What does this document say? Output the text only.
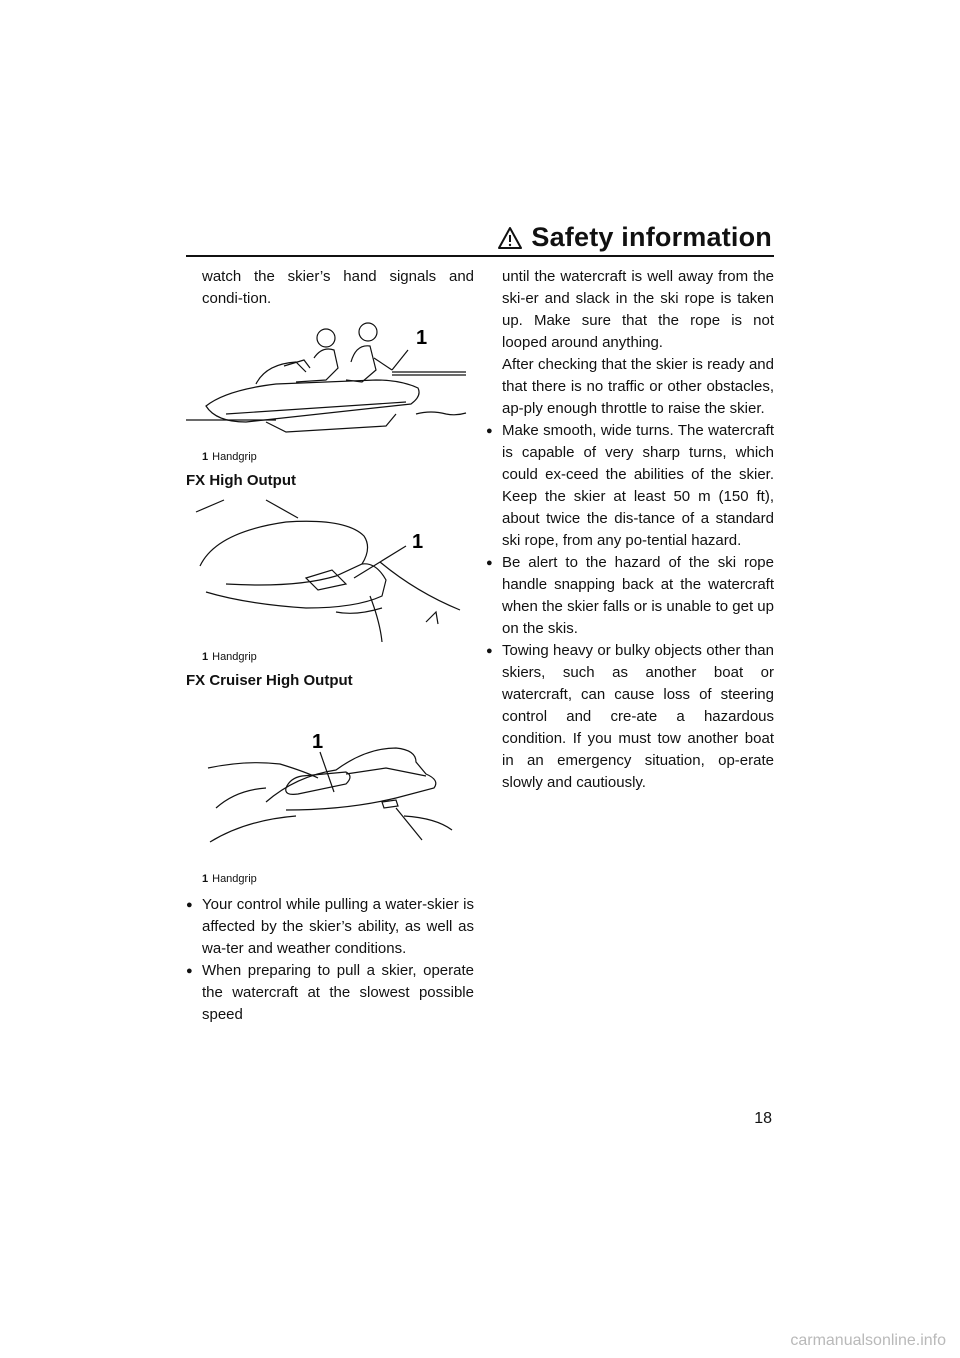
Safety information

watch the skier’s hand signals and condi-tion.

1
1 Handgrip

FX High Output

1
1 Handgrip

FX Cruiser High Output

1
1 Handgrip
● Your control while pulling a water-skier is affected by the skier’s ability, as well as wa-ter and weather conditions.
● When preparing to pull a skier, operate the watercraft at the slowest possible speed

until the watercraft is well away from the ski-er and slack in the ski rope is taken up. Make sure that the rope is not looped around anything.

After checking that the skier is ready and that there is no traffic or other obstacles, ap-ply enough throttle to raise the skier.

● Make smooth, wide turns. The watercraft is capable of very sharp turns, which could ex-ceed the abilities of the skier. Keep the skier at least 50 m (150 ft), about twice the dis-tance of a standard ski rope, from any po-tential hazard.
● Be alert to the hazard of the ski rope handle snapping back at the watercraft when the skier falls or is unable to get up on the skis.
● Towing heavy or bulky objects other than skiers, such as another boat or watercraft, can cause loss of steering control and cre-ate a hazardous condition. If you must tow another boat in an emergency situation, op-erate slowly and cautiously.
18
carmanualsonline.info
